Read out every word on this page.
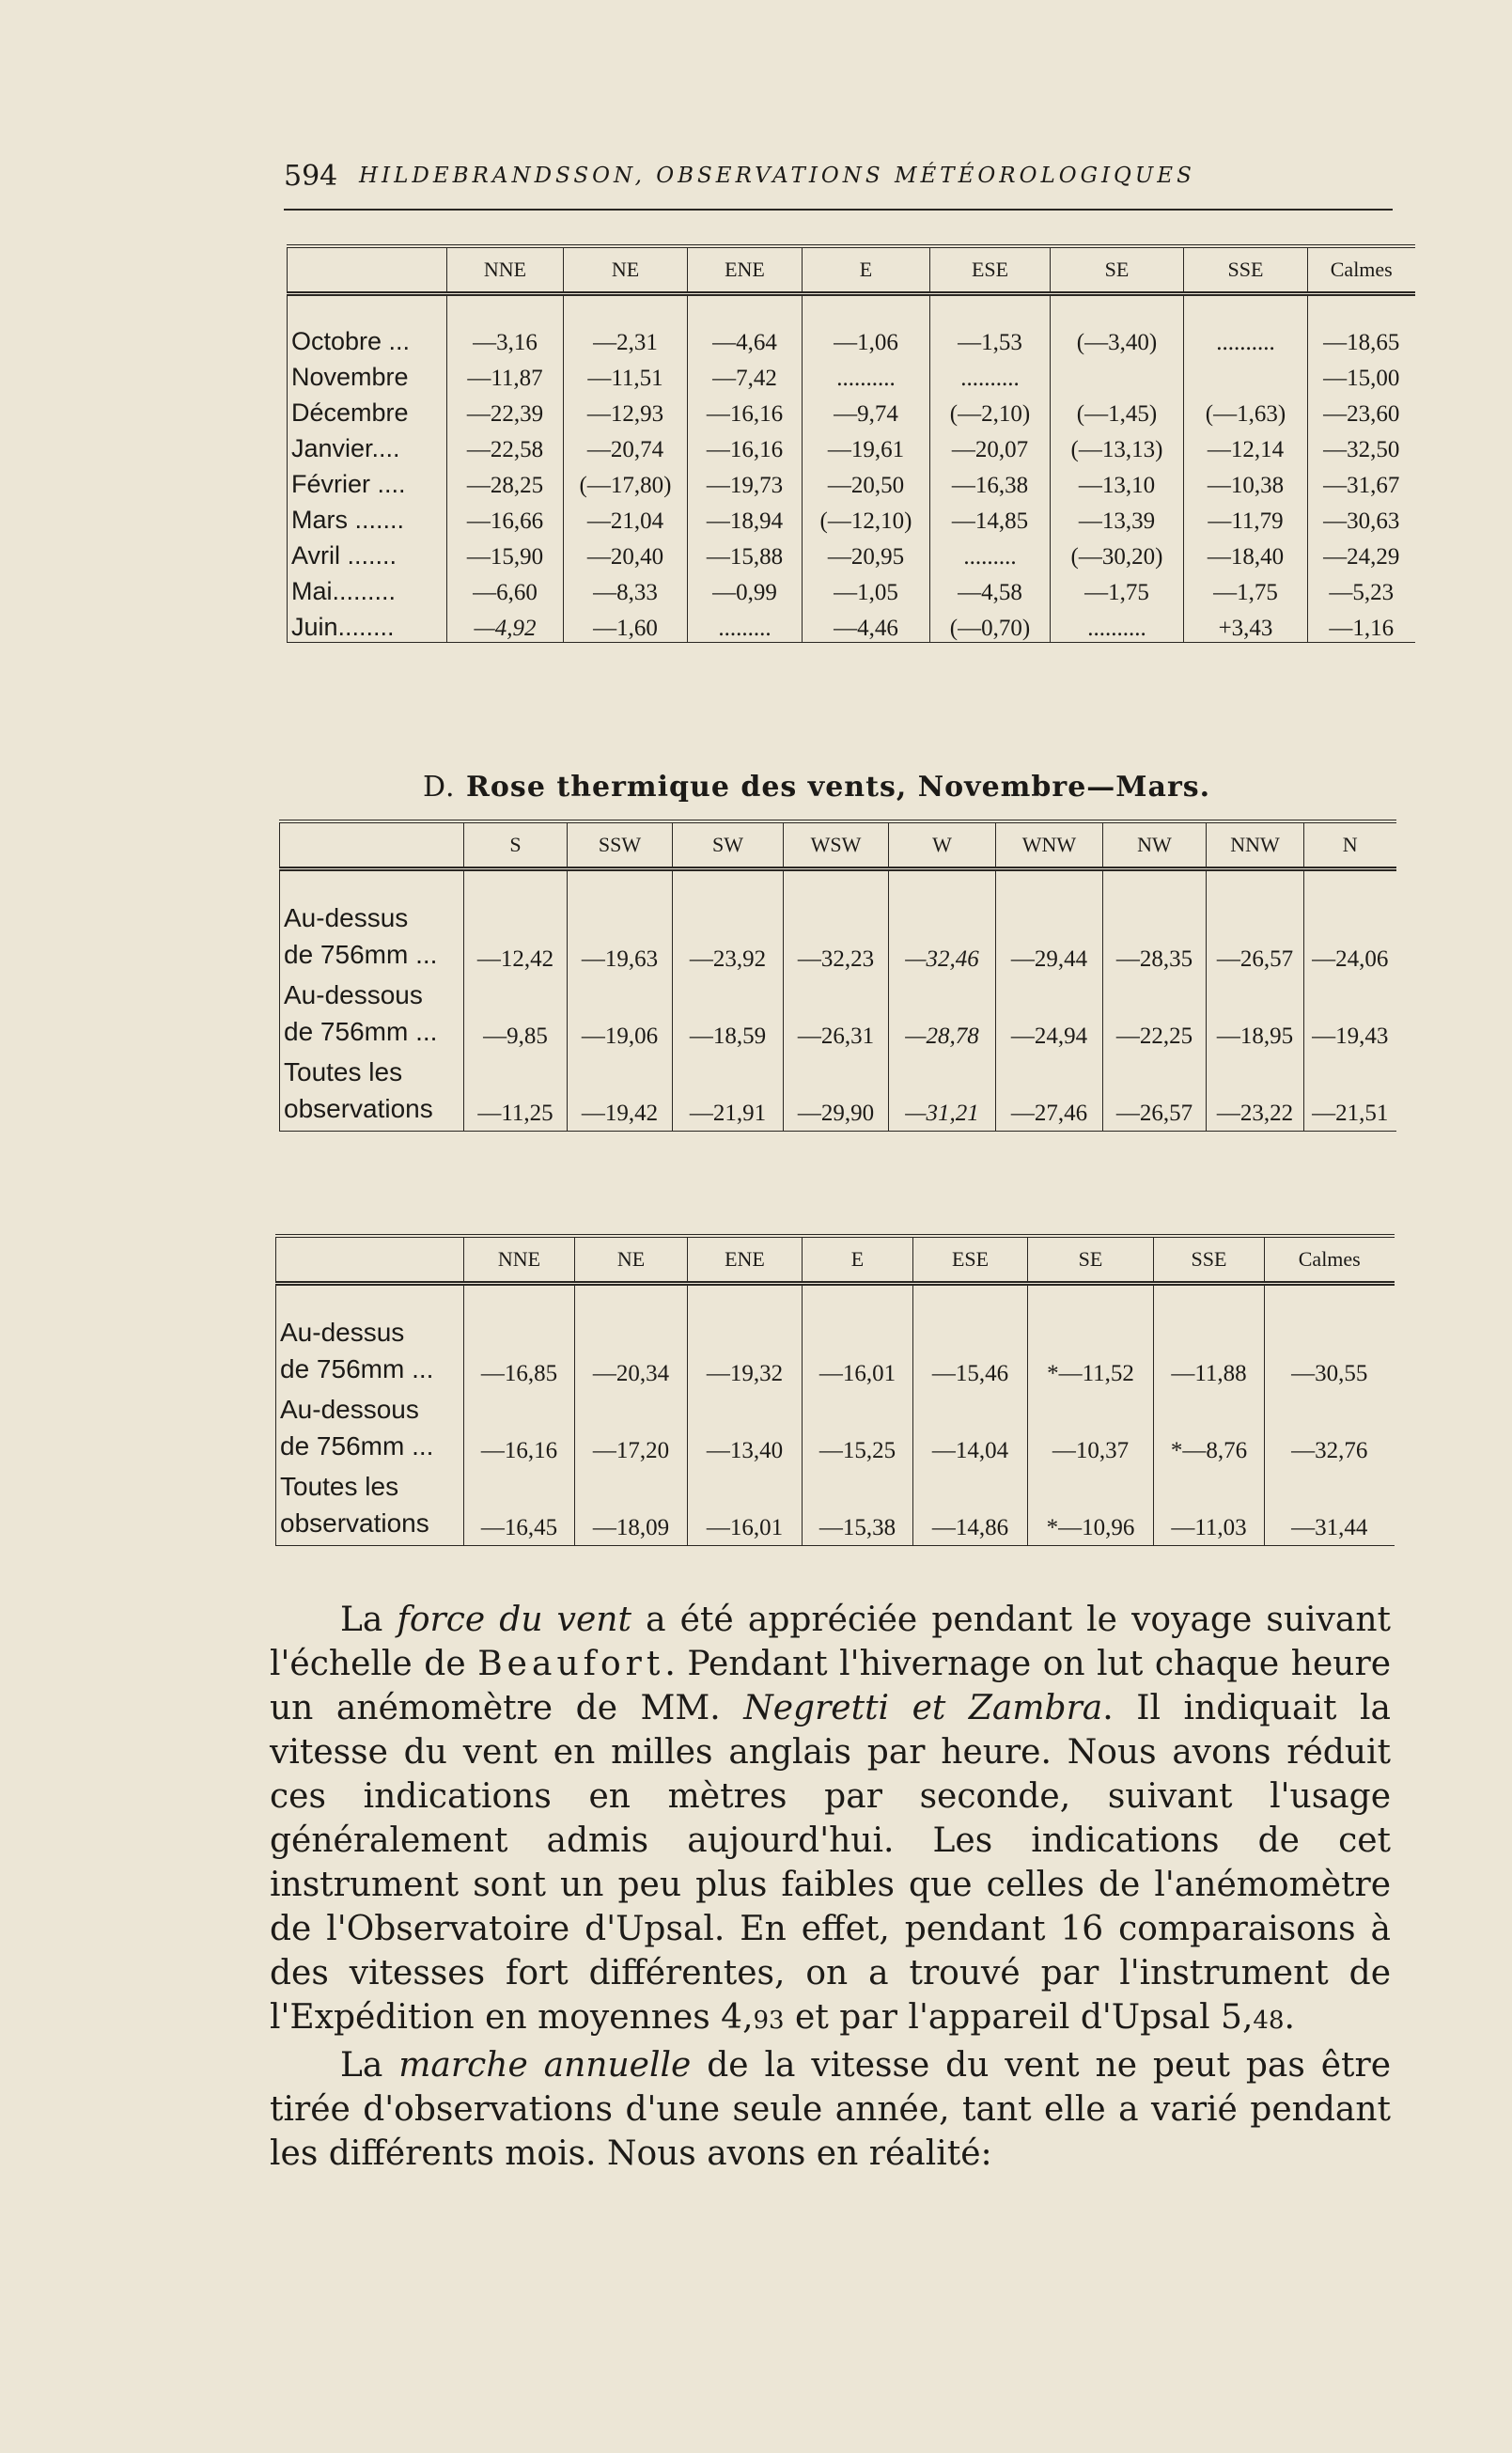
594 HILDEBRANDSSON, OBSERVATIONS MÉTÉOROLOGIQUES
	NNE	NE	ENE	E	ESE	SE	SSE	Calmes
Octobre ...	—3,16	—2,31	—4,64	—1,06	—1,53	(—3,40)	..........	—18,65
Novembre	—11,87	—11,51	—7,42	..........	..........			—15,00
Décembre	—22,39	—12,93	—16,16	—9,74	(—2,10)	(—1,45)	(—1,63)	—23,60
Janvier....	—22,58	—20,74	—16,16	—19,61	—20,07	(—13,13)	—12,14	—32,50
Février ....	—28,25	(—17,80)	—19,73	—20,50	—16,38	—13,10	—10,38	—31,67
Mars .......	—16,66	—21,04	—18,94	(—12,10)	—14,85	—13,39	—11,79	—30,63
Avril .......	—15,90	—20,40	—15,88	—20,95	.........	(—30,20)	—18,40	—24,29
Mai.........	—6,60	—8,33	—0,99	—1,05	—4,58	—1,75	—1,75	—5,23
Juin........	—4,92	—1,60	.........	—4,46	(—0,70)	..........	+3,43	—1,16
D. Rose thermique des vents, Novembre—Mars.
	S	SSW	SW	WSW	W	WNW	NW	NNW	N

Au-dessus
de 756mm ...	—12,42	—19,63	—23,92	—32,23	—32,46	—29,44	—28,35	—26,57	—24,06

Au-dessous
de 756mm ...	—9,85	—19,06	—18,59	—26,31	—28,78	—24,94	—22,25	—18,95	—19,43

Toutes les
observations	—11,25	—19,42	—21,91	—29,90	—31,21	—27,46	—26,57	—23,22	—21,51
	NNE	NE	ENE	E	ESE	SE	SSE	Calmes

Au-dessus
de 756mm ...	—16,85	—20,34	—19,32	—16,01	—15,46	*—11,52	—11,88	—30,55

Au-dessous
de 756mm ...	—16,16	—17,20	—13,40	—15,25	—14,04	—10,37	*—8,76	—32,76

Toutes les
observations	—16,45	—18,09	—16,01	—15,38	—14,86	*—10,96	—11,03	—31,44

La force du vent a été appréciée pendant le voyage suivant l'échelle de Beaufort. Pendant l'hivernage on lut chaque heure un anémomètre de MM. Negretti et Zambra. Il indiquait la vitesse du vent en milles anglais par heure. Nous avons réduit ces indications en mètres par seconde, suivant l'usage généralement admis aujourd'hui. Les indications de cet instrument sont un peu plus faibles que celles de l'anémomètre de l'Observatoire d'Upsal. En effet, pendant 16 comparaisons à des vitesses fort différentes, on a trouvé par l'instrument de l'Expédition en moyennes 4,93 et par l'appareil d'Upsal 5,48.

La marche annuelle de la vitesse du vent ne peut pas être tirée d'observations d'une seule année, tant elle a varié pendant les différents mois. Nous avons en réalité:
